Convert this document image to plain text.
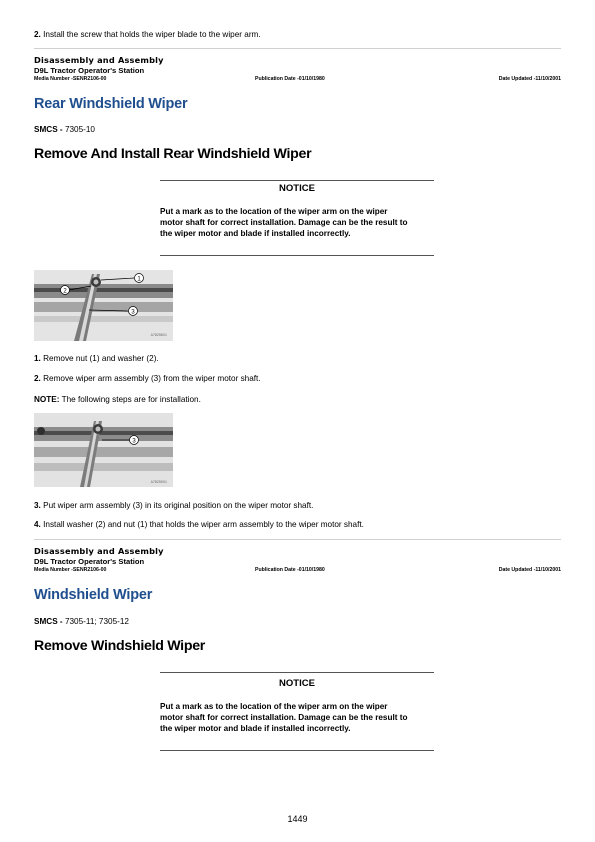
2. Install the screw that holds the wiper blade to the wiper arm.
Disassembly and Assembly
D9L Tractor Operator's Station
Media Number -SENR2106-00	Publication Date -01/10/1980	Date Updated -11/10/2001
Rear Windshield Wiper
SMCS - 7305-10
Remove And Install Rear Windshield Wiper
NOTICE
Put a mark as to the location of the wiper arm on the wiper
motor shaft for correct installation. Damage can be the result to
the wiper motor and blade if installed incorrectly.
1
2
3
A78258X1
1. Remove nut (1) and washer (2).
2. Remove wiper arm assembly (3) from the wiper motor shaft.
NOTE: The following steps are for installation.
3
A78259X1
3. Put wiper arm assembly (3) in its original position on the wiper motor shaft.
4. Install washer (2) and nut (1) that holds the wiper arm assembly to the wiper motor shaft.
Disassembly and Assembly
D9L Tractor Operator's Station
Media Number -SENR2106-00	Publication Date -01/10/1980	Date Updated -11/10/2001
Windshield Wiper
SMCS - 7305-11; 7305-12
Remove Windshield Wiper
NOTICE
Put a mark as to the location of the wiper arm on the wiper
motor shaft for correct installation. Damage can be the result to
the wiper motor and blade if installed incorrectly.
1449
